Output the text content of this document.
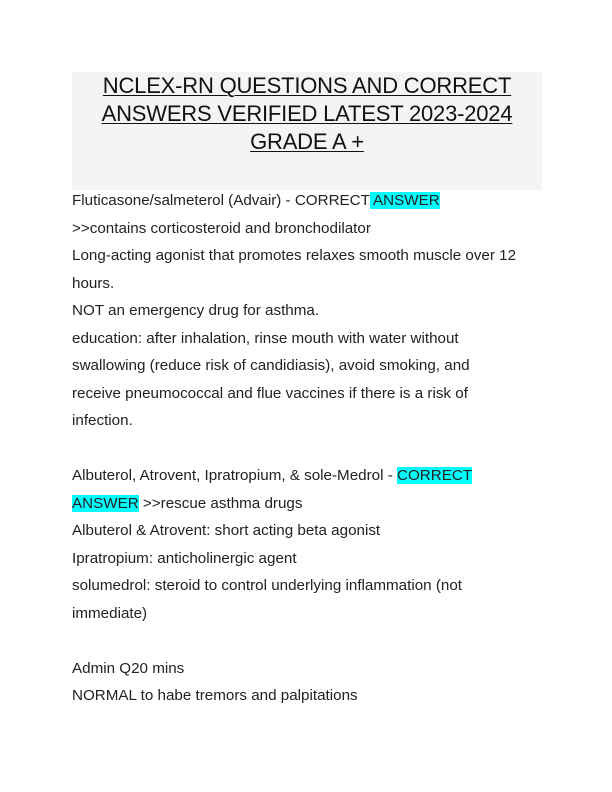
NCLEX-RN QUESTIONS AND CORRECT
ANSWERS VERIFIED LATEST 2023-2024
GRADE A +
Fluticasone/salmeterol (Advair) - CORRECT ANSWER
>>contains corticosteroid and bronchodilator
Long-acting agonist that promotes relaxes smooth muscle over 12
hours.
NOT an emergency drug for asthma.
education: after inhalation, rinse mouth with water without
swallowing (reduce risk of candidiasis), avoid smoking, and
receive pneumococcal and flue vaccines if there is a risk of
infection.
Albuterol, Atrovent, Ipratropium, & sole-Medrol - CORRECT
ANSWER >>rescue asthma drugs
Albuterol & Atrovent: short acting beta agonist
Ipratropium: anticholinergic agent
solumedrol: steroid to control underlying inflammation (not
immediate)
Admin Q20 mins
NORMAL to habe tremors and palpitations
